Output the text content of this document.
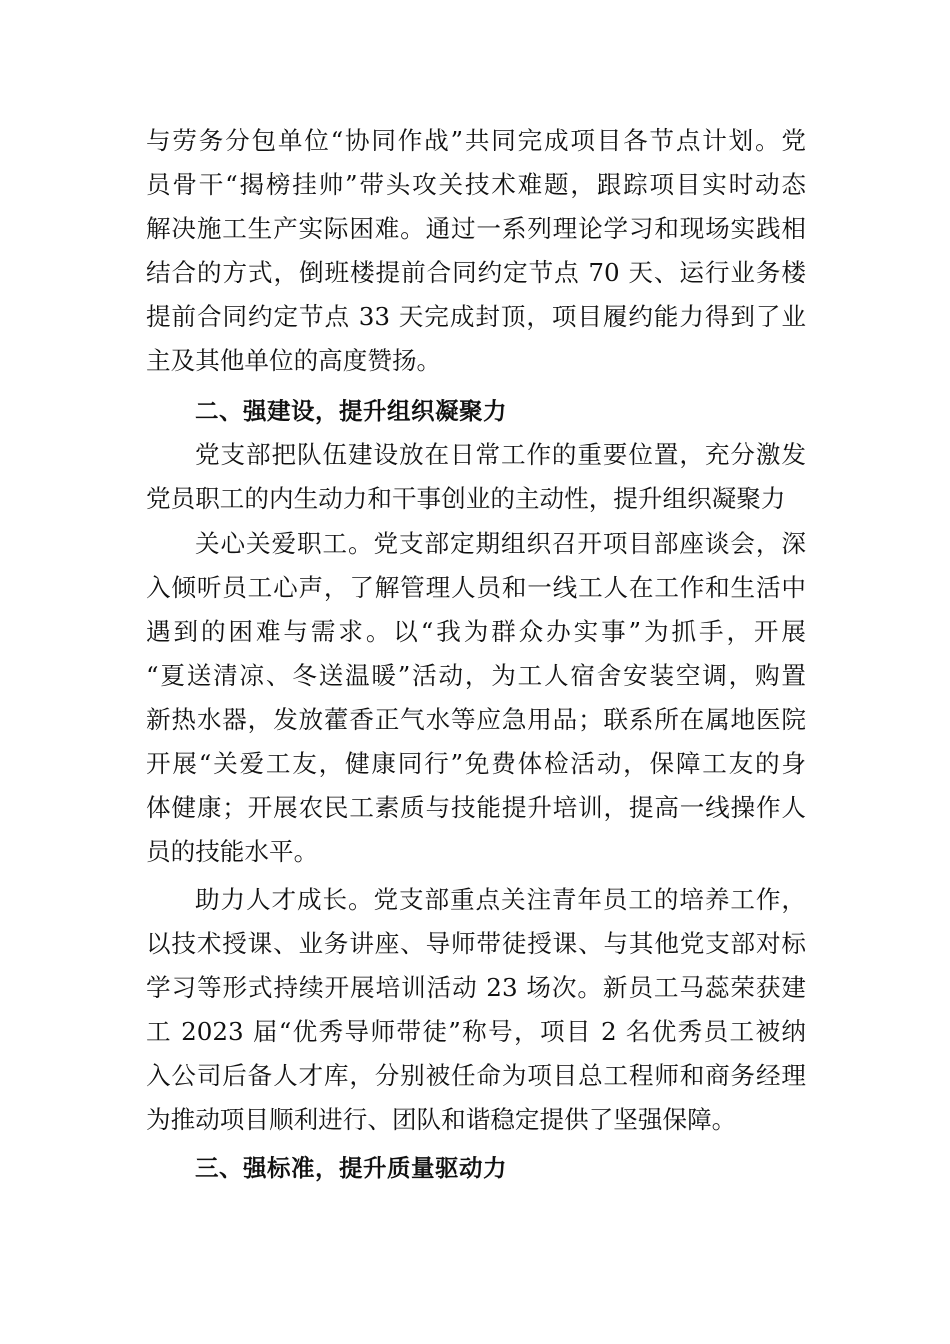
与劳务分包单位“协同作战”共同完成项目各节点计划。党
员骨干“揭榜挂帅”带头攻关技术难题，跟踪项目实时动态
解决施工生产实际困难。通过一系列理论学习和现场实践相
结合的方式，倒班楼提前合同约定节点 70 天、运行业务楼
提前合同约定节点 33 天完成封顶，项目履约能力得到了业
主及其他单位的高度赞扬。
二、强建设，提升组织凝聚力
党支部把队伍建设放在日常工作的重要位置，充分激发
党员职工的内生动力和干事创业的主动性，提升组织凝聚力
关心关爱职工。党支部定期组织召开项目部座谈会，深
入倾听员工心声，了解管理人员和一线工人在工作和生活中
遇到的困难与需求。以“我为群众办实事”为抓手，开展
“夏送清凉、冬送温暖”活动，为工人宿舍安装空调，购置
新热水器，发放藿香正气水等应急用品；联系所在属地医院
开展“关爱工友，健康同行”免费体检活动，保障工友的身
体健康；开展农民工素质与技能提升培训，提高一线操作人
员的技能水平。
助力人才成长。党支部重点关注青年员工的培养工作，
以技术授课、业务讲座、导师带徒授课、与其他党支部对标
学习等形式持续开展培训活动 23 场次。新员工马蕊荣获建
工 2023 届“优秀导师带徒”称号，项目 2 名优秀员工被纳
入公司后备人才库，分别被任命为项目总工程师和商务经理
为推动项目顺利进行、团队和谐稳定提供了坚强保障。
三、强标准，提升质量驱动力
